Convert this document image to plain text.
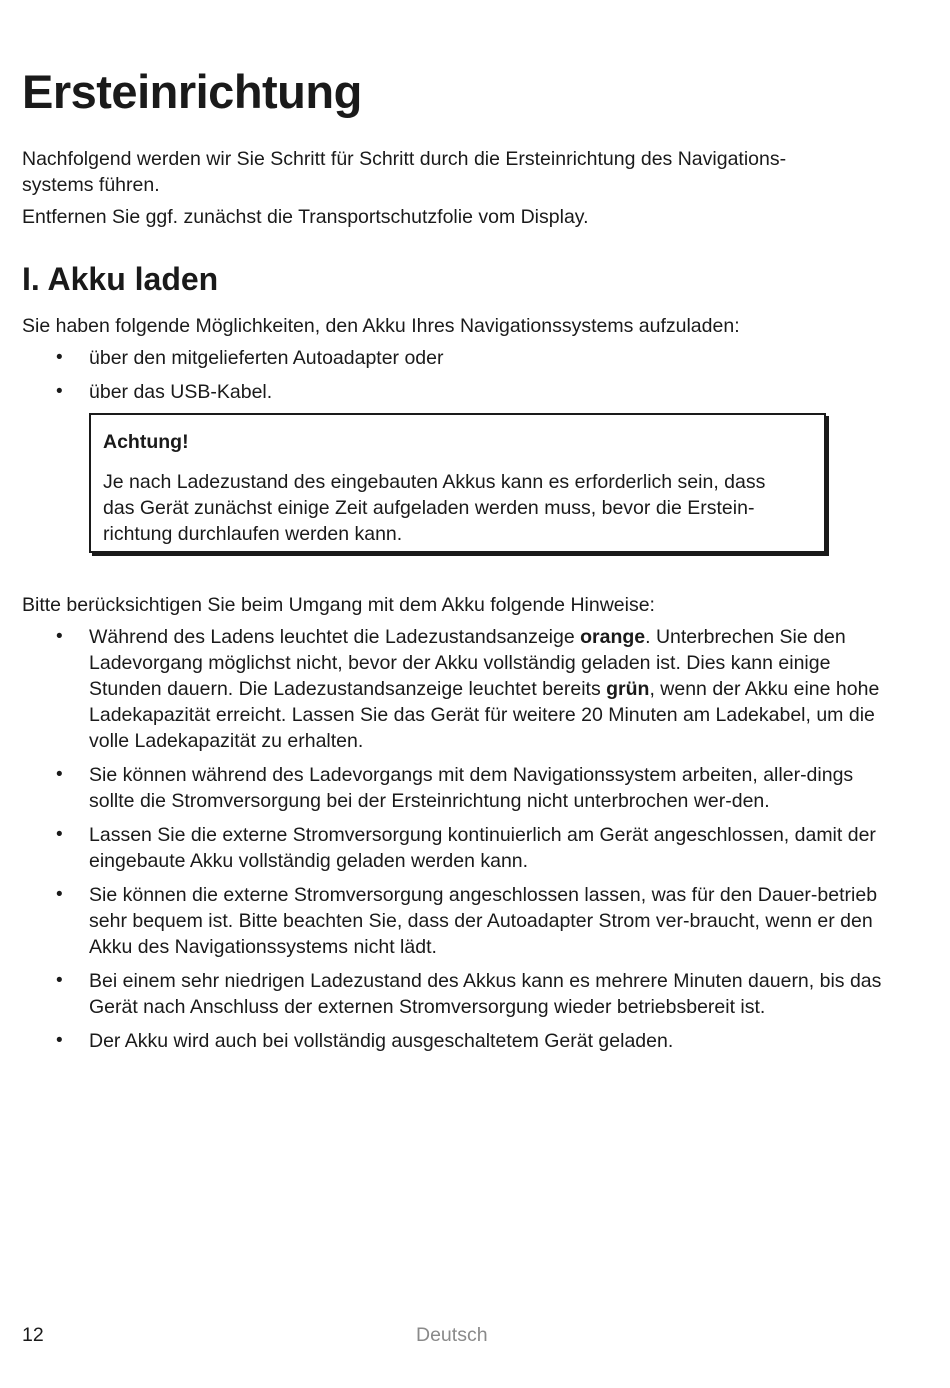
Ersteinrichtung

Nachfolgend werden wir Sie Schritt für Schritt durch die Ersteinrichtung des Navigations-
systems führen.

Entfernen Sie ggf. zunächst die Transportschutzfolie vom Display.

I. Akku laden

Sie haben folgende Möglichkeiten, den Akku Ihres Navigationssystems aufzuladen:

• über den mitgelieferten Autoadapter oder
• über das USB-Kabel.

Achtung!

Je nach Ladezustand des eingebauten Akkus kann es erforderlich sein, dass
das Gerät zunächst einige Zeit aufgeladen werden muss, bevor die Erstein-
richtung durchlaufen werden kann.

Bitte berücksichtigen Sie beim Umgang mit dem Akku folgende Hinweise:

• Während des Ladens leuchtet die Ladezustandsanzeige orange. Unterbrechen Sie den Ladevorgang möglichst nicht, bevor der Akku vollständig geladen ist. Dies kann einige Stunden dauern. Die Ladezustandsanzeige leuchtet bereits grün, wenn der Akku eine hohe Ladekapazität erreicht. Lassen Sie das Gerät für weitere 20 Minuten am Ladekabel, um die volle Ladekapazität zu erhalten.
• Sie können während des Ladevorgangs mit dem Navigationssystem arbeiten, aller-dings sollte die Stromversorgung bei der Ersteinrichtung nicht unterbrochen wer-den.
• Lassen Sie die externe Stromversorgung kontinuierlich am Gerät angeschlossen, damit der eingebaute Akku vollständig geladen werden kann.
• Sie können die externe Stromversorgung angeschlossen lassen, was für den Dauer-betrieb sehr bequem ist. Bitte beachten Sie, dass der Autoadapter Strom ver-braucht, wenn er den Akku des Navigationssystems nicht lädt.
• Bei einem sehr niedrigen Ladezustand des Akkus kann es mehrere Minuten dauern, bis das Gerät nach Anschluss der externen Stromversorgung wieder betriebsbereit ist.
• Der Akku wird auch bei vollständig ausgeschaltetem Gerät geladen.
12	Deutsch
